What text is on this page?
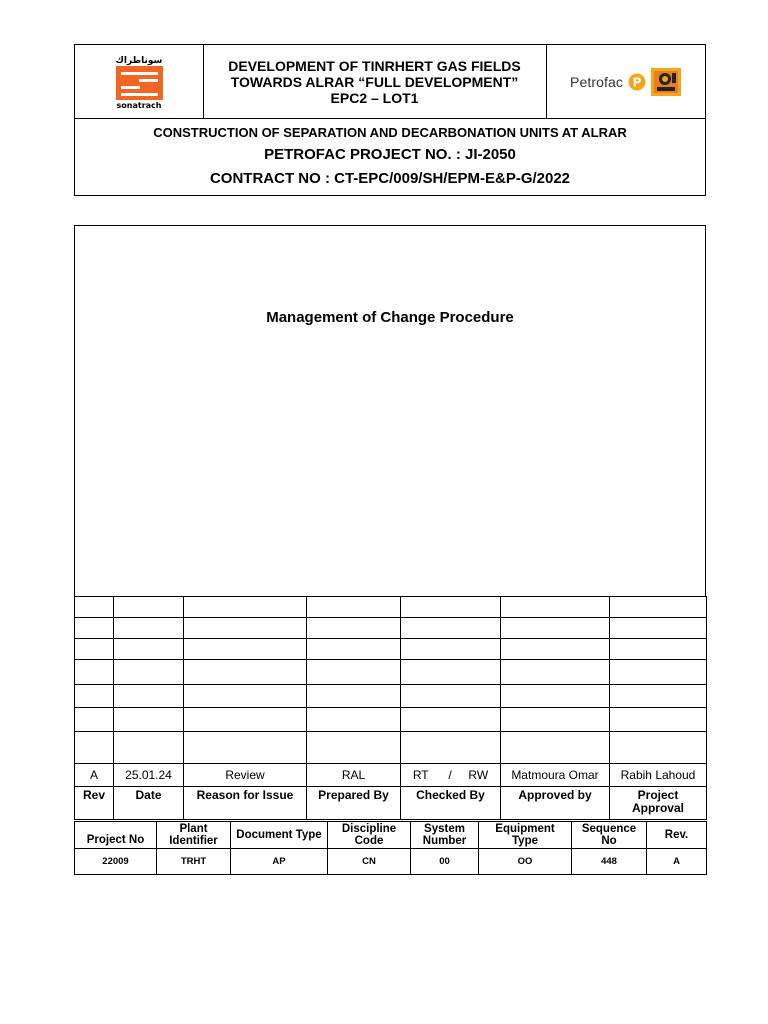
سوناطراك
sonatrach
DEVELOPMENT OF TINRHERT GAS FIELDS
TOWARDS ALRAR “FULL DEVELOPMENT”
EPC2 – LOT1
Petrofac P
CONSTRUCTION OF SEPARATION AND DECARBONATION UNITS AT ALRAR
PETROFAC PROJECT NO. : JI-2050
CONTRACT NO : CT-EPC/009/SH/EPM-E&P-G/2022
Management of Change Procedure

A	25.01.24	Review	RAL	RT      /     RW	Matmoura Omar	Rabih Lahoud
Rev	Date	Reason for Issue	Prepared By	Checked By	Approved by	Project Approval
Project No	Plant Identifier	Document Type	Discipline Code	System Number	Equipment Type	Sequence No	Rev.
22009	TRHT	AP	CN	00	OO	448	A
